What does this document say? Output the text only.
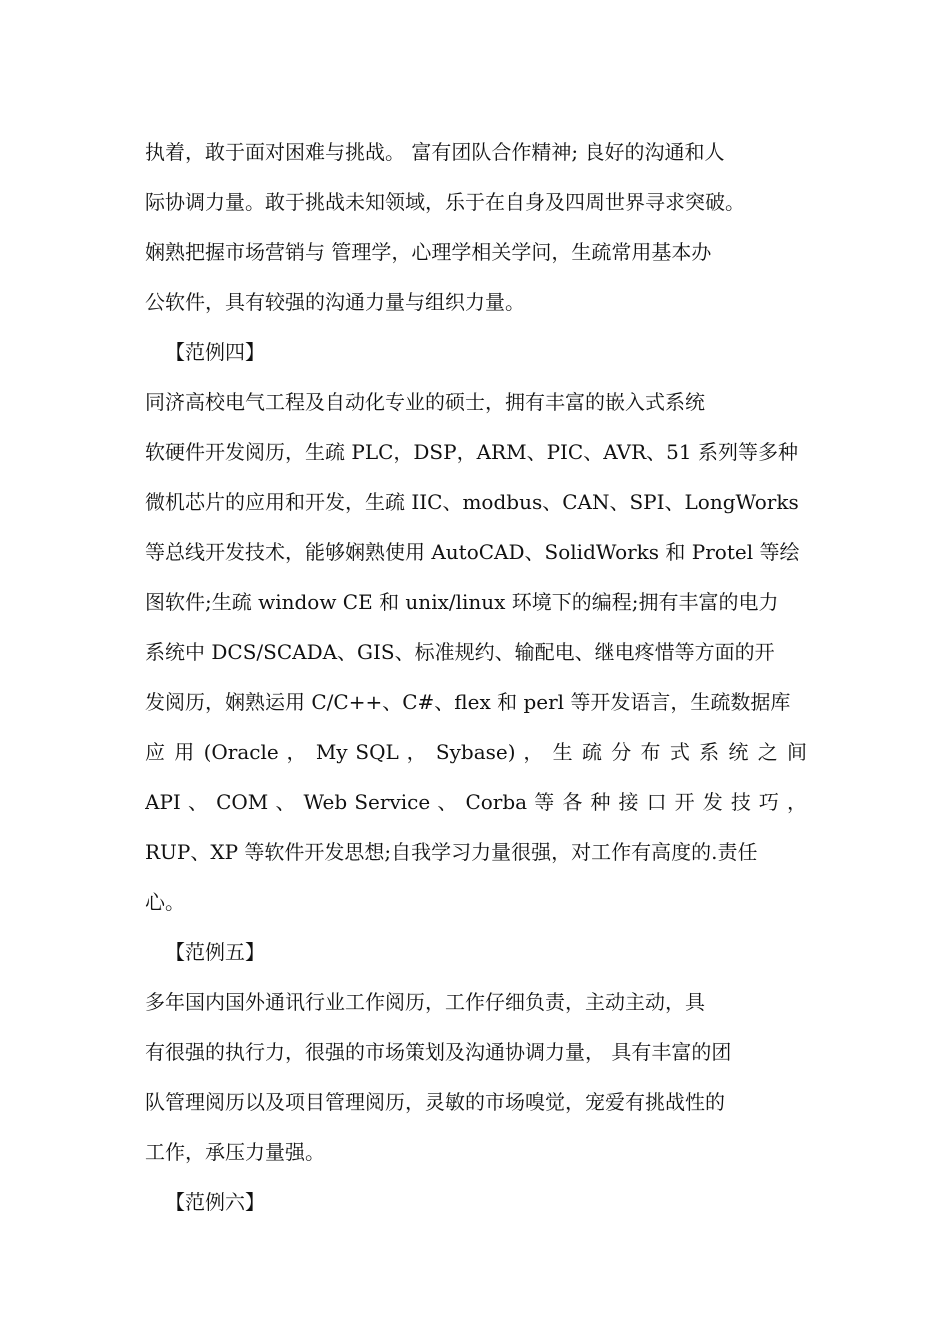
执着，敢于面对困难与挑战。 富有团队合作精神; 良好的沟通和人
际协调力量。敢于挑战未知领域，乐于在自身及四周世界寻求突破。
娴熟把握市场营销与 管理学，心理学相关学问，生疏常用基本办
公软件，具有较强的沟通力量与组织力量。
【范例四】
同济高校电气工程及自动化专业的硕士，拥有丰富的嵌入式系统
软硬件开发阅历，生疏 PLC，DSP，ARM、PIC、AVR、51 系列等多种
微机芯片的应用和开发，生疏 IIC、modbus、CAN、SPI、LongWorks
等总线开发技术，能够娴熟使用 AutoCAD、SolidWorks 和 Protel 等绘
图软件;生疏 window CE 和 unix/linux 环境下的编程;拥有丰富的电力
系统中 DCS/SCADA、GIS、标准规约、输配电、继电疼惜等方面的开
发阅历，娴熟运用 C/C++、C#、flex 和 perl 等开发语言，生疏数据库
应 用 (Oracle ， My SQL ， Sybase) ， 生 疏 分 布 式 系 统 之 间
API 、 COM 、 Web Service 、 Corba 等 各 种 接 口 开 发 技 巧 ，
RUP、XP 等软件开发思想;自我学习力量很强，对工作有高度的.责任
心。
【范例五】
多年国内国外通讯行业工作阅历，工作仔细负责，主动主动，具
有很强的执行力，很强的市场策划及沟通协调力量， 具有丰富的团
队管理阅历以及项目管理阅历，灵敏的市场嗅觉，宠爱有挑战性的
工作，承压力量强。
【范例六】
